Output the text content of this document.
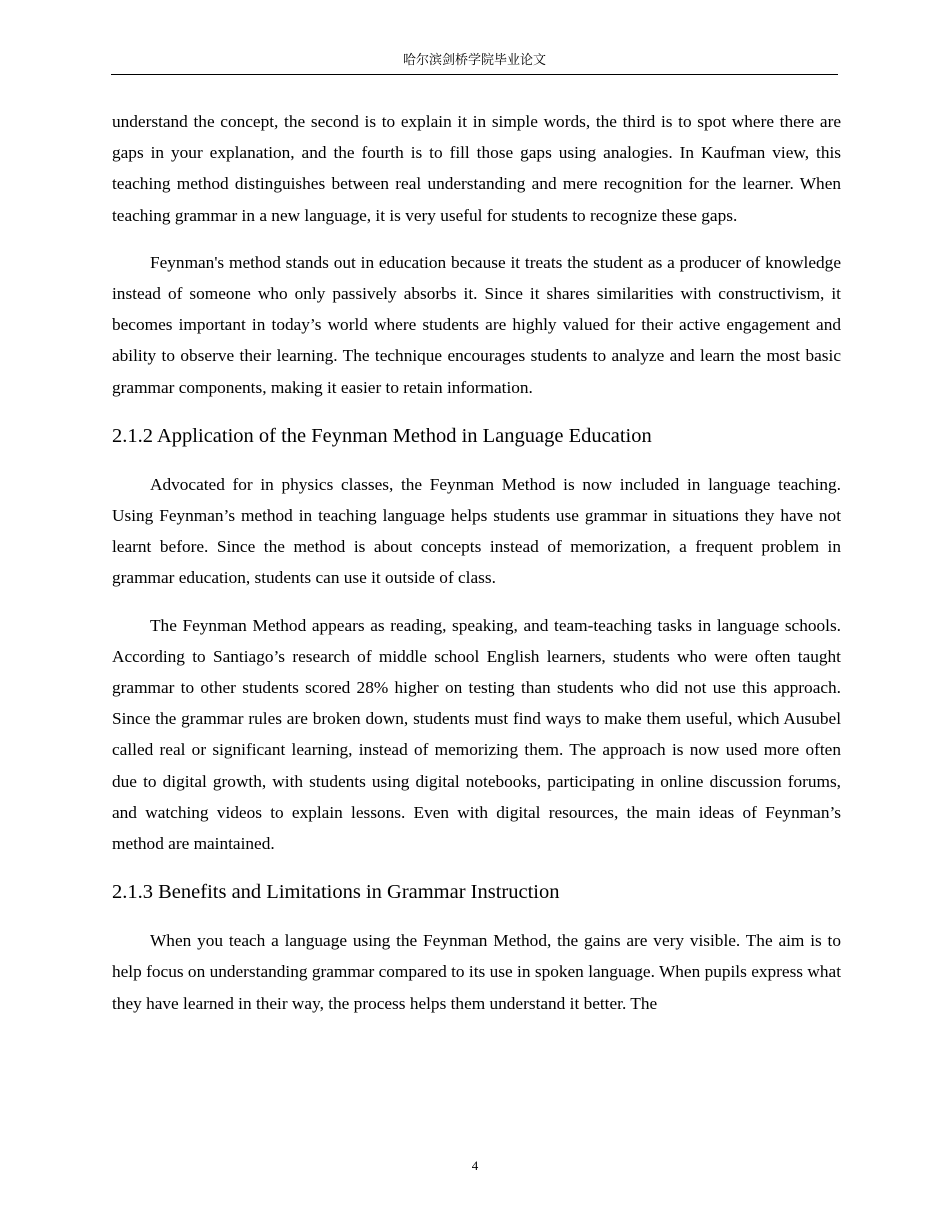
哈尔滨剑桥学院毕业论文

understand the concept, the second is to explain it in simple words, the third is to spot where there are gaps in your explanation, and the fourth is to fill those gaps using analogies. In Kaufman view, this teaching method distinguishes between real understanding and mere recognition for the learner. When teaching grammar in a new language, it is very useful for students to recognize these gaps.

Feynman's method stands out in education because it treats the student as a producer of knowledge instead of someone who only passively absorbs it. Since it shares similarities with constructivism, it becomes important in today’s world where students are highly valued for their active engagement and ability to observe their learning. The technique encourages students to analyze and learn the most basic grammar components, making it easier to retain information.

2.1.2 Application of the Feynman Method in Language Education

Advocated for in physics classes, the Feynman Method is now included in language teaching. Using Feynman’s method in teaching language helps students use grammar in situations they have not learnt before. Since the method is about concepts instead of memorization, a frequent problem in grammar education, students can use it outside of class.

The Feynman Method appears as reading, speaking, and team-teaching tasks in language schools. According to Santiago’s research of middle school English learners, students who were often taught grammar to other students scored 28% higher on testing than students who did not use this approach. Since the grammar rules are broken down, students must find ways to make them useful, which Ausubel called real or significant learning, instead of memorizing them. The approach is now used more often due to digital growth, with students using digital notebooks, participating in online discussion forums, and watching videos to explain lessons. Even with digital resources, the main ideas of Feynman’s method are maintained.

2.1.3 Benefits and Limitations in Grammar Instruction

When you teach a language using the Feynman Method, the gains are very visible. The aim is to help focus on understanding grammar compared to its use in spoken language. When pupils express what they have learned in their way, the process helps them understand it better. The

4
